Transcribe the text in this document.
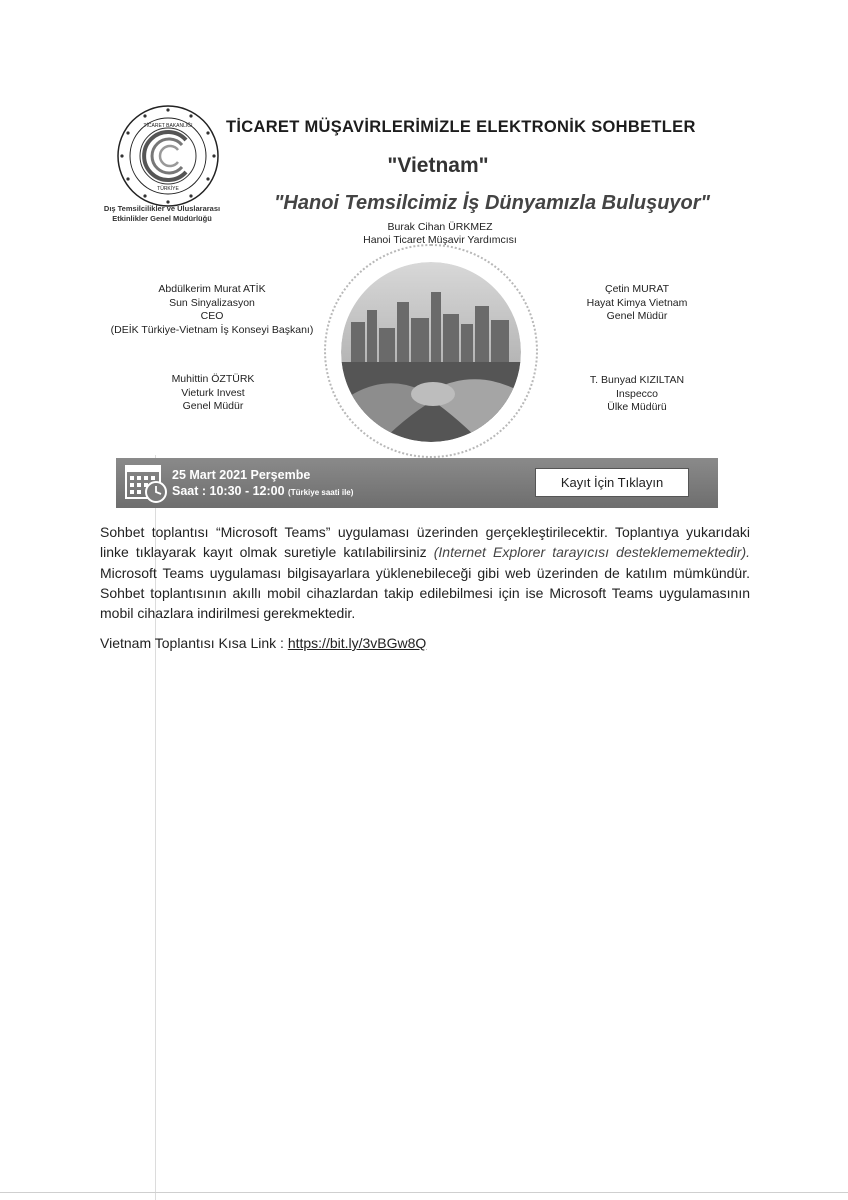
TİCARET BAKANLIĞI
TÜRKİYE
Dış Temsilcilikler ve Uluslararası
Etkinlikler Genel Müdürlüğü
TİCARET MÜŞAVİRLERİMİZLE ELEKTRONİK SOHBETLER
"Vietnam"
"Hanoi Temsilcimiz İş Dünyamızla Buluşuyor"
Burak Cihan ÜRKMEZ
Hanoi Ticaret Müşavir Yardımcısı
Abdülkerim Murat ATİK
Sun Sinyalizasyon
CEO
(DEİK Türkiye-Vietnam İş Konseyi Başkanı)
Muhittin ÖZTÜRK
Vieturk Invest
Genel Müdür
Çetin MURAT
Hayat Kimya Vietnam
Genel Müdür
T. Bunyad KIZILTAN
Inspecco
Ülke Müdürü
25 Mart 2021 Perşembe
Saat : 10:30 - 12:00 (Türkiye saati ile)
Kayıt İçin Tıklayın
Sohbet toplantısı “Microsoft Teams” uygulaması üzerinden gerçekleştirilecektir. Toplantıya yukarıdaki linke tıklayarak kayıt olmak suretiyle katılabilirsiniz (Internet Explorer tarayıcısı desteklememektedir). Microsoft Teams uygulaması bilgisayarlara yüklenebileceği gibi web üzerinden de katılım mümkündür. Sohbet toplantısının akıllı mobil cihazlardan takip edilebilmesi için ise Microsoft Teams uygulamasının mobil cihazlara indirilmesi gerekmektedir.
Vietnam Toplantısı Kısa Link : https://bit.ly/3vBGw8Q
